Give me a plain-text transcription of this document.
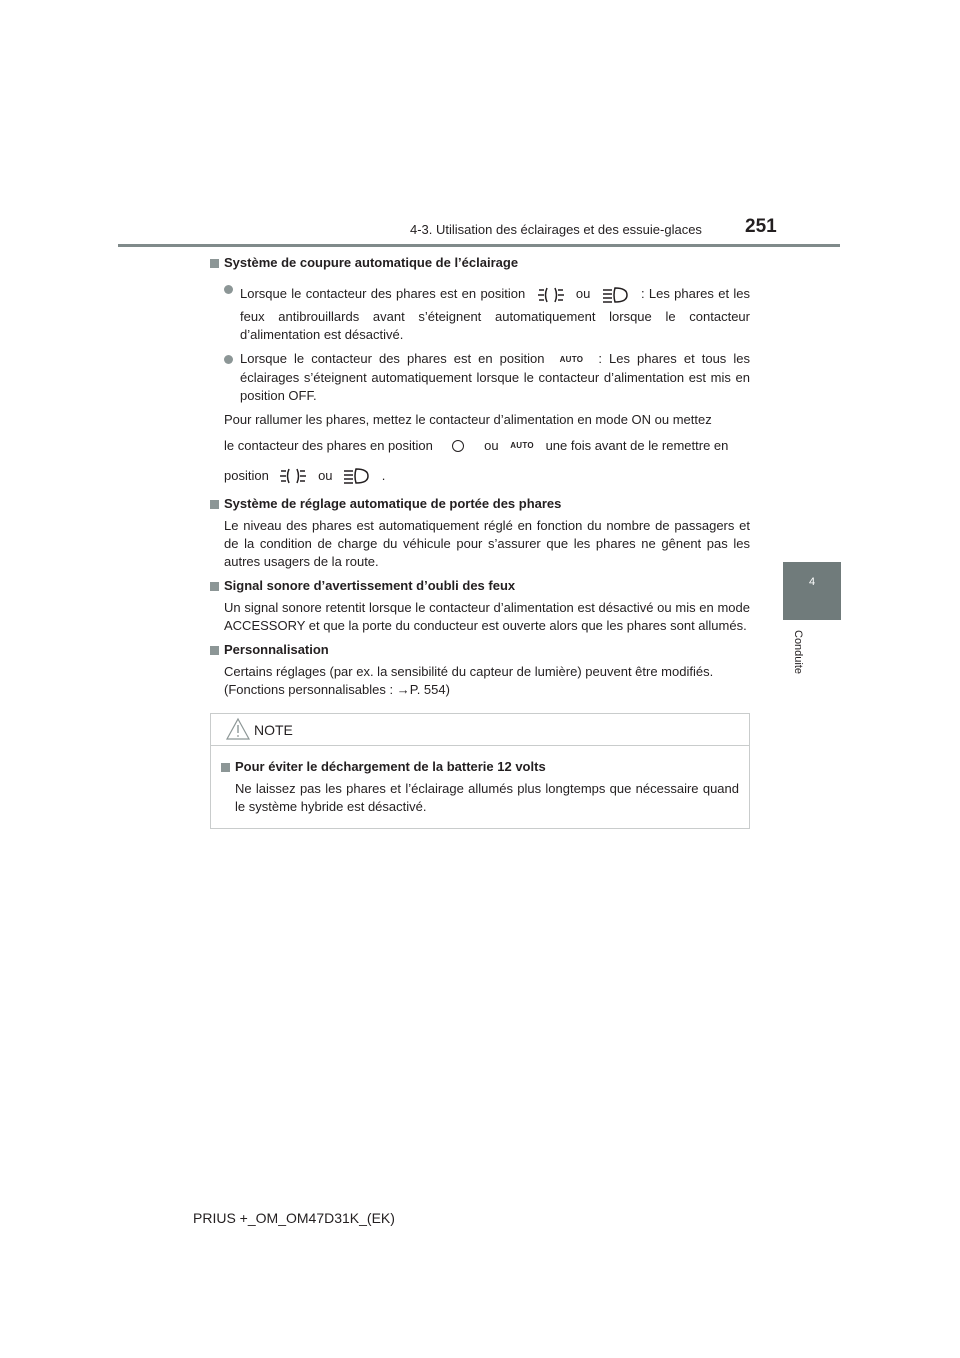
4-3. Utilisation des éclairages et des essuie-glaces 251
4
Conduite
Système de coupure automatique de l’éclairage
Lorsque le contacteur des phares est en position	ou	: Les phares et les feux antibrouillards avant s’éteignent automatiquement lorsque le contacteur d’alimentation est désactivé.
Lorsque le contacteur des phares est en position AUTO : Les phares et tous les éclairages s’éteignent automatiquement lorsque le contacteur d’alimentation est mis en position OFF.
Pour rallumer les phares, mettez le contacteur d’alimentation en mode ON ou mettez
le contacteur des phares en position	ou AUTO une fois avant de le remettre en
position	ou	.
Système de réglage automatique de portée des phares
Le niveau des phares est automatiquement réglé en fonction du nombre de passagers et de la condition de charge du véhicule pour s’assurer que les phares ne gênent pas les autres usagers de la route.
Signal sonore d’avertissement d’oubli des feux
Un signal sonore retentit lorsque le contacteur d’alimentation est désactivé ou mis en mode ACCESSORY et que la porte du conducteur est ouverte alors que les phares sont allumés.
Personnalisation
Certains réglages (par ex. la sensibilité du capteur de lumière) peuvent être modifiés.
(Fonctions personnalisables : →P. 554)
NOTE
Pour éviter le déchargement de la batterie 12 volts
Ne laissez pas les phares et l’éclairage allumés plus longtemps que nécessaire quand le système hybride est désactivé.
PRIUS +_OM_OM47D31K_(EK)
